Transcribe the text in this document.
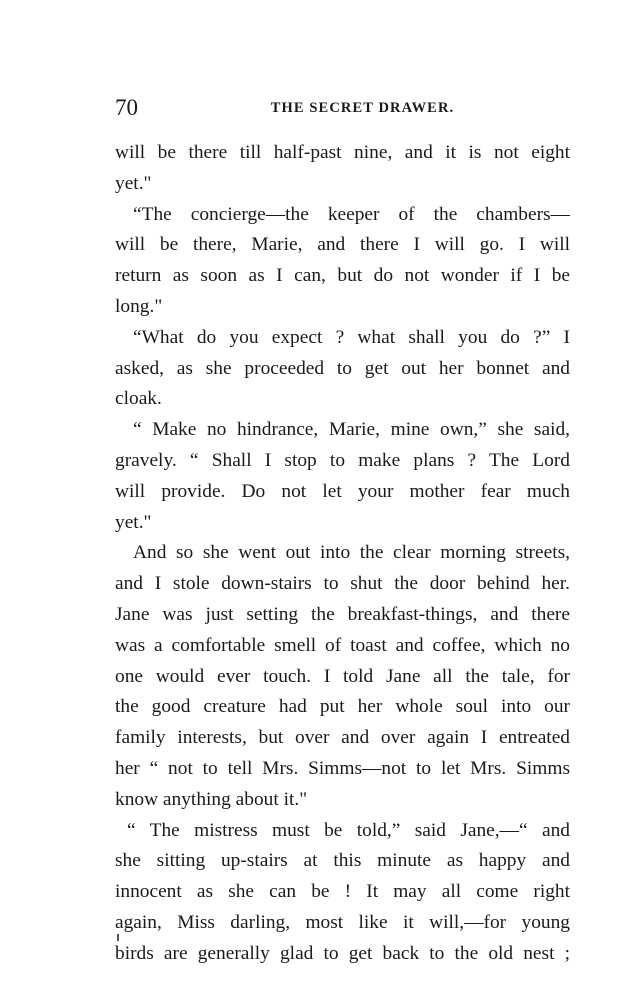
70	THE SECRET DRAWER.
will be there till half-past nine, and it is not eight
yet."
“The concierge—the keeper of the chambers—
will be there, Marie, and there I will go. I will
return as soon as I can, but do not wonder if I be
long."
“What do you expect ? what shall you do ?” I
asked, as she proceeded to get out her bonnet and
cloak.
“ Make no hindrance, Marie, mine own,” she said,
gravely. “ Shall I stop to make plans ? The Lord
will provide. Do not let your mother fear much
yet."
And so she went out into the clear morning streets,
and I stole down-stairs to shut the door behind her.
Jane was just setting the breakfast-things, and there
was a comfortable smell of toast and coffee, which no
one would ever touch. I told Jane all the tale, for
the good creature had put her whole soul into our
family interests, but over and over again I entreated
her “ not to tell Mrs. Simms—not to let Mrs. Simms
know anything about it."
“ The mistress must be told,” said Jane,—“ and
she sitting up-stairs at this minute as happy and
innocent as she can be ! It may all come right
again, Miss darling, most like it will,—for young
birds are generally glad to get back to the old nest ;
